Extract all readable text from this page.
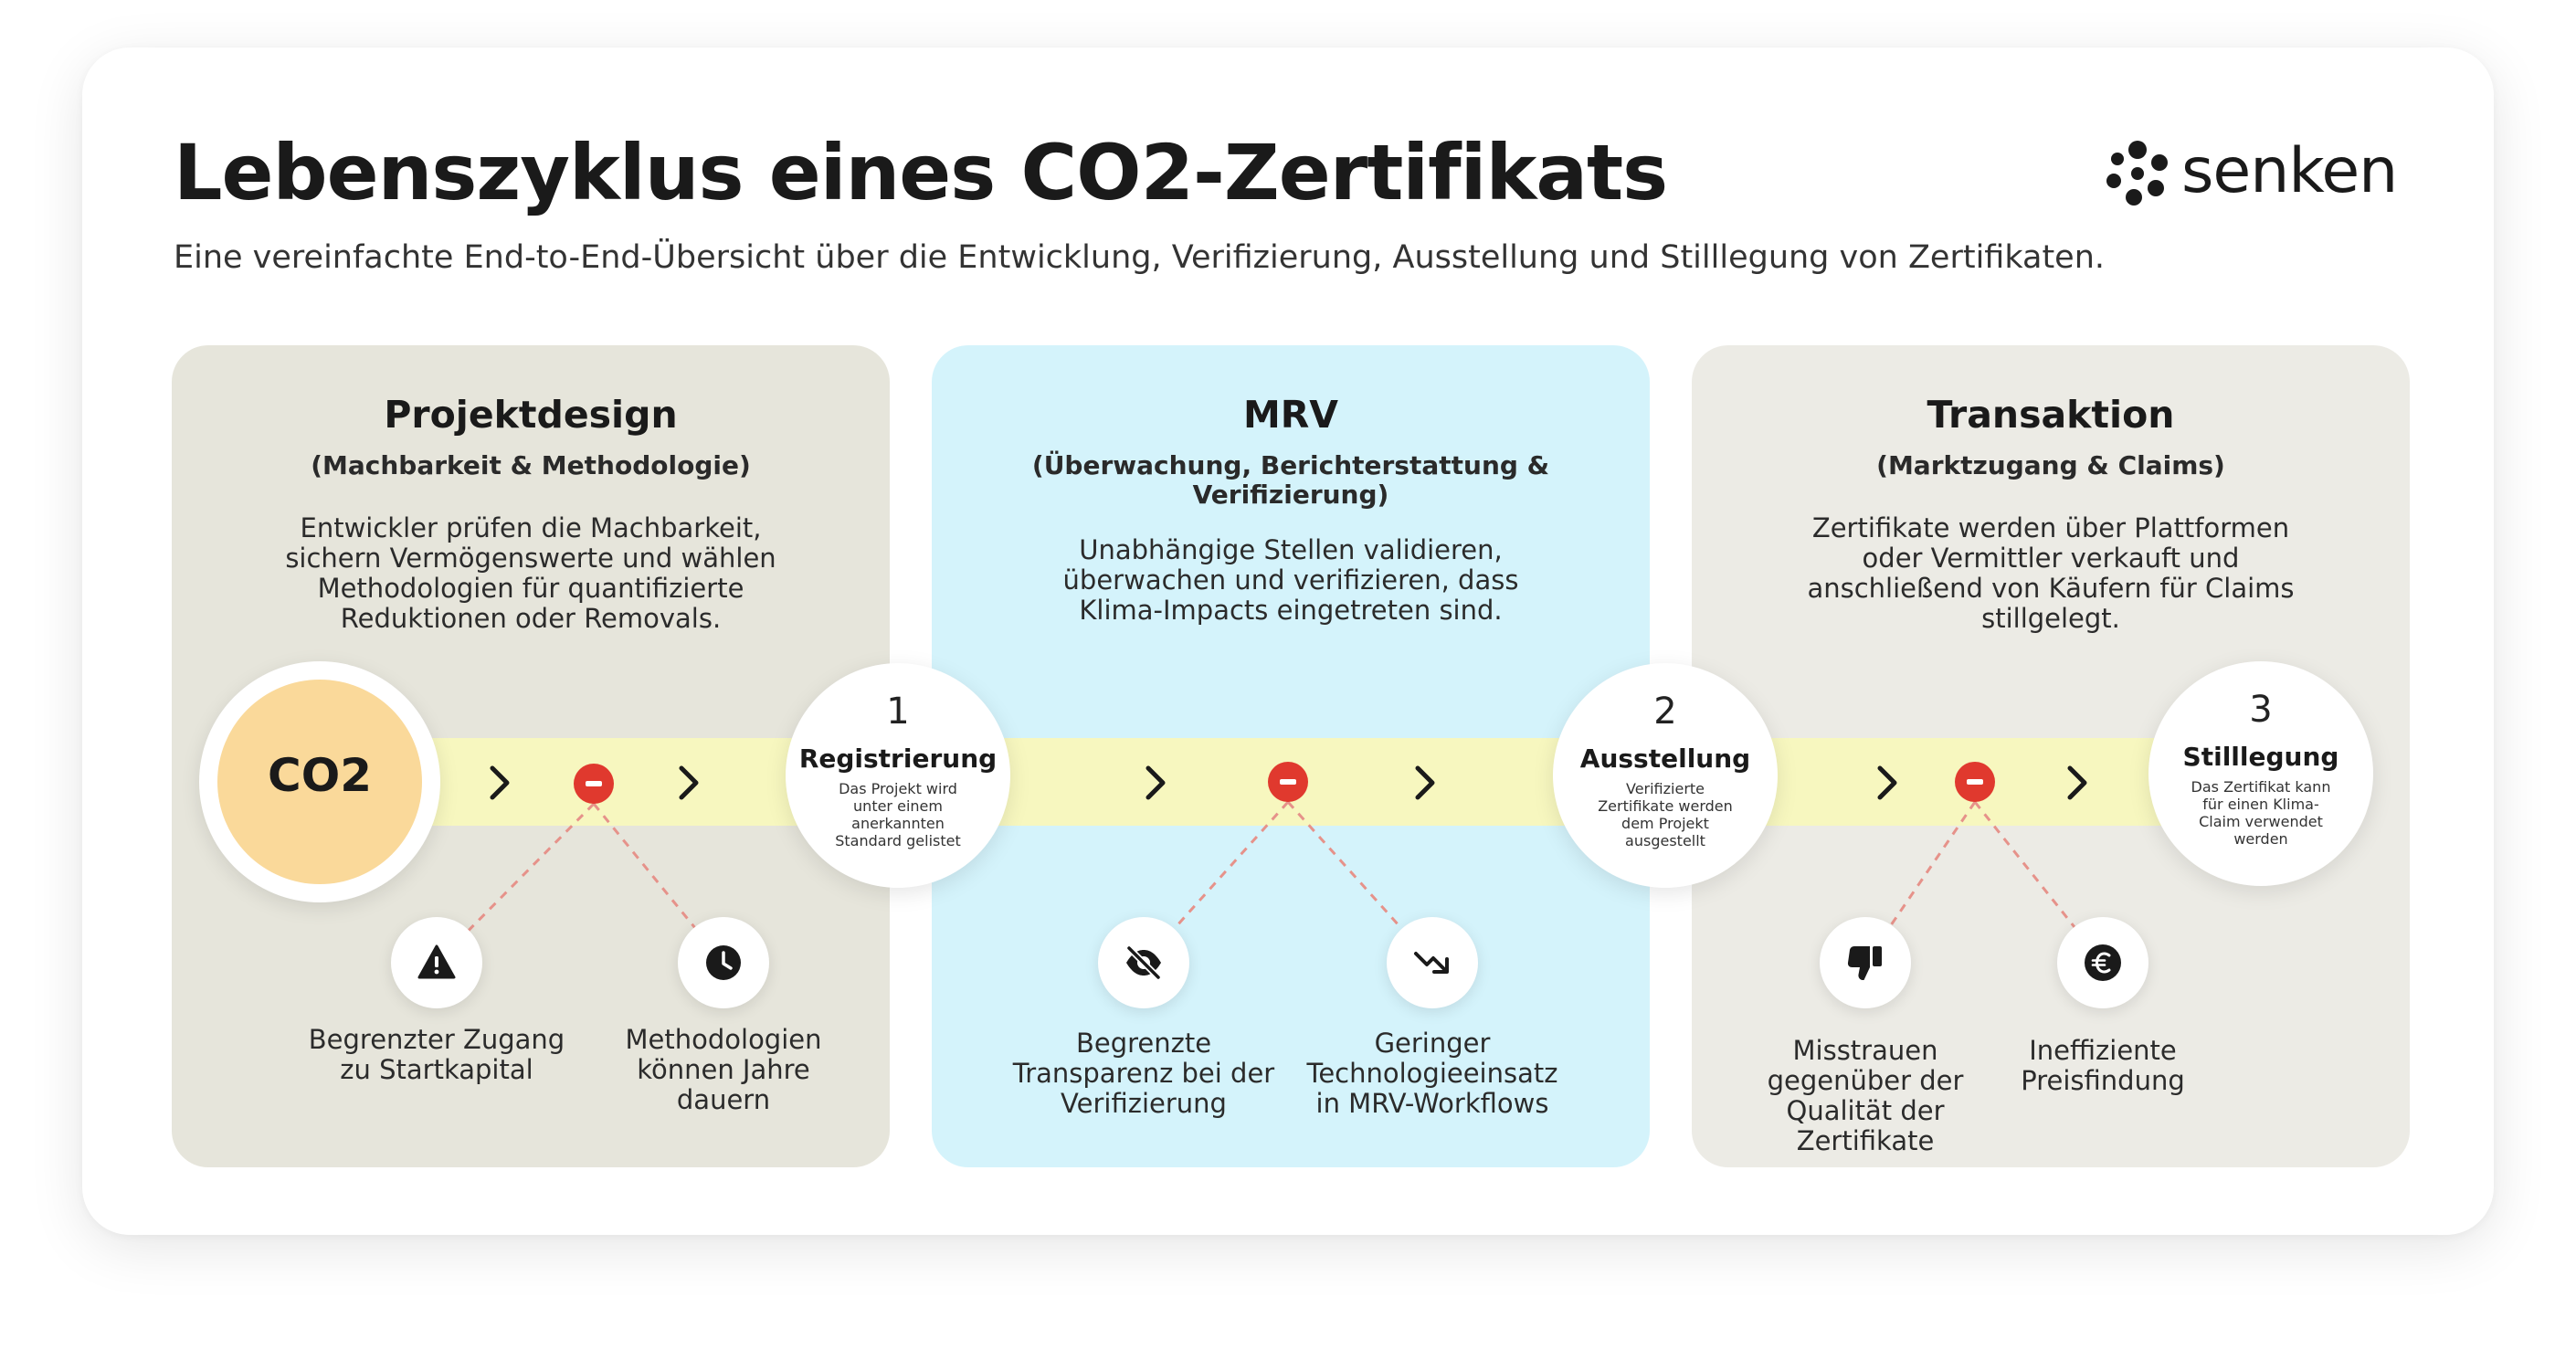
Lebenszyklus eines CO2-Zertifikats

Eine vereinfachte End-to-End-Übersicht über die Entwicklung, Verifizierung, Ausstellung und Stilllegung von Zertifikaten.

senken
Projektdesign
(Machbarkeit & Methodologie)
Entwickler prüfen die Machbarkeit, sichern Vermögenswerte und wählen Methodologien für quantifizierte Reduktionen oder Removals.
MRV
(Überwachung, Berichterstattung & Verifizierung)
Unabhängige Stellen validieren, überwachen und verifizieren, dass Klima-Impacts eingetreten sind.
Transaktion
(Marktzugang & Claims)
Zertifikate werden über Plattformen oder Vermittler verkauft und anschließend von Käufern für Claims stillgelegt.
CO2
1
Registrierung
Das Projekt wird unter einem anerkannten Standard gelistet
2
Ausstellung
Verifizierte Zertifikate werden dem Projekt ausgestellt
3
Stilllegung
Das Zertifikat kann für einen Klima-Claim verwendet werden
Begrenzter Zugang zu Startkapital
Methodologien können Jahre dauern
Begrenzte Transparenz bei der Verifizierung
Geringer Technologieeinsatz in MRV-Workflows
Misstrauen gegenüber der Qualität der Zertifikate
Ineffiziente Preisfindung
